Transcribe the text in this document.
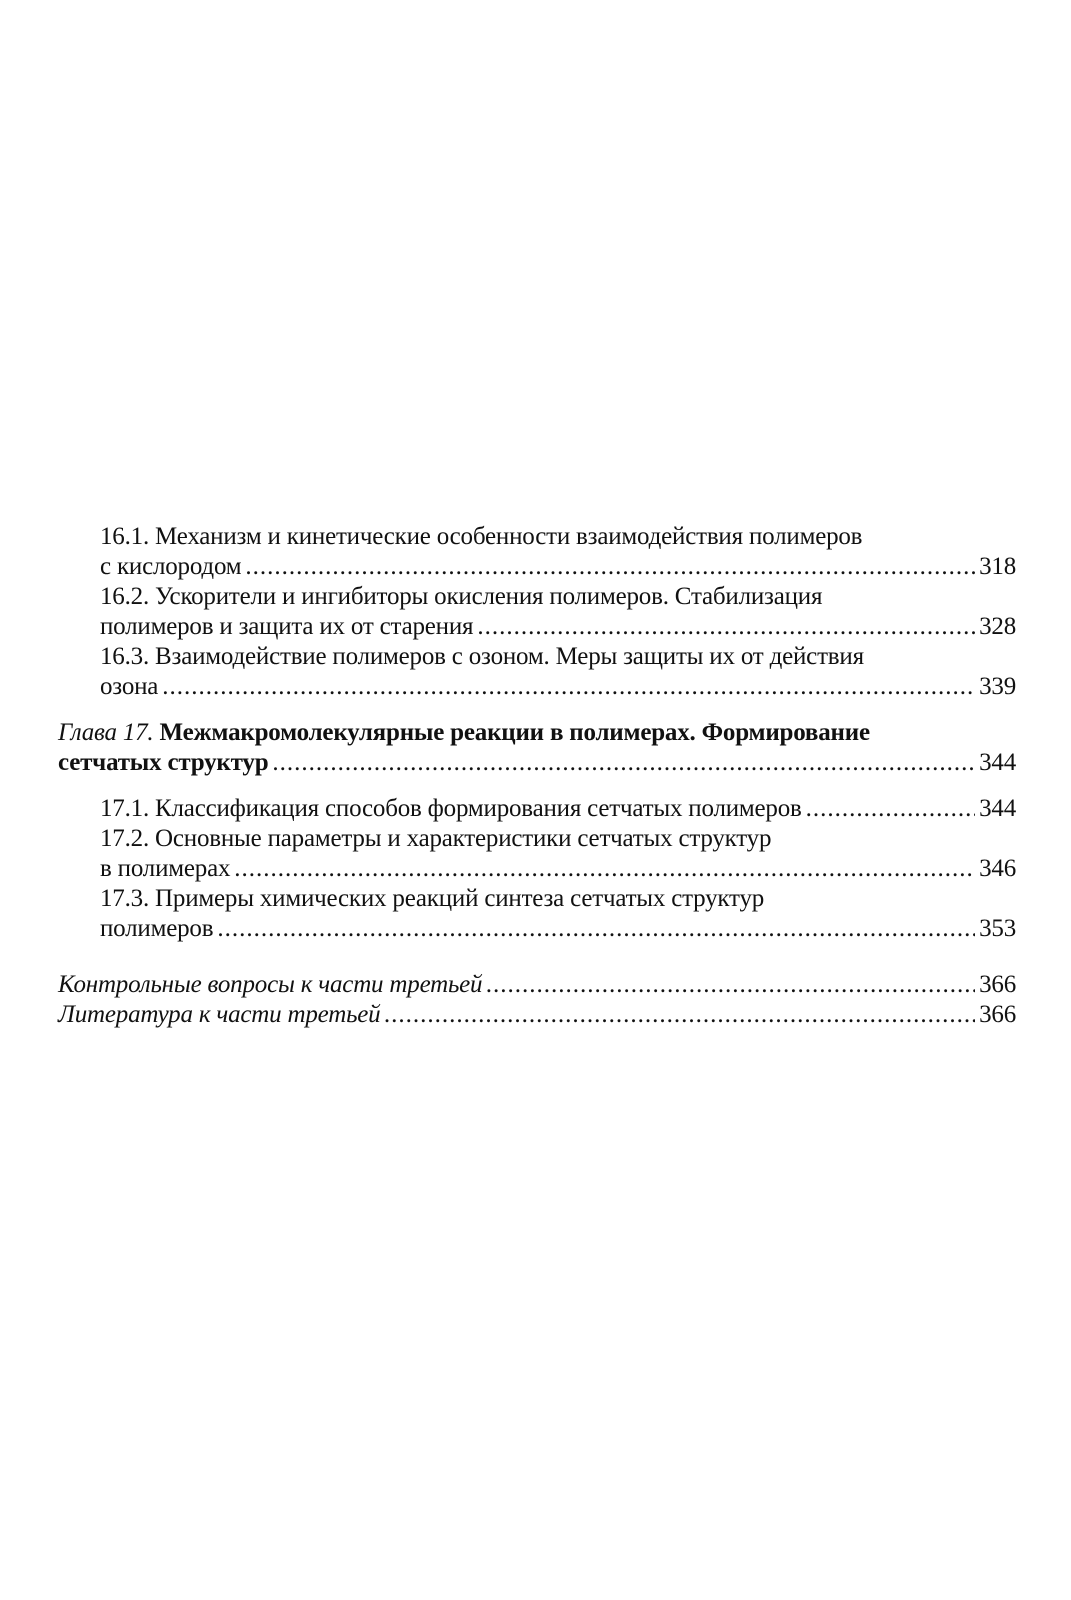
16.1. Механизм и кинетические особенности взаимодействия полимеров
с кислородом .....	318
16.2. Ускорители и ингибиторы окисления полимеров. Стабилизация
полимеров и защита их от старения .....	328
16.3. Взаимодействие полимеров с озоном. Меры защиты их от действия
озона .....	339
Глава 17. Межмакромолекулярные реакции в полимерах. Формирование
сетчатых структур .....	344
17.1. Классификация способов формирования сетчатых полимеров .....	344
17.2. Основные параметры и характеристики сетчатых структур
в полимерах .....	346
17.3. Примеры химических реакций синтеза сетчатых структур
полимеров .....	353
Контрольные вопросы к части третьей .....	366
Литература к части третьей .....	366
